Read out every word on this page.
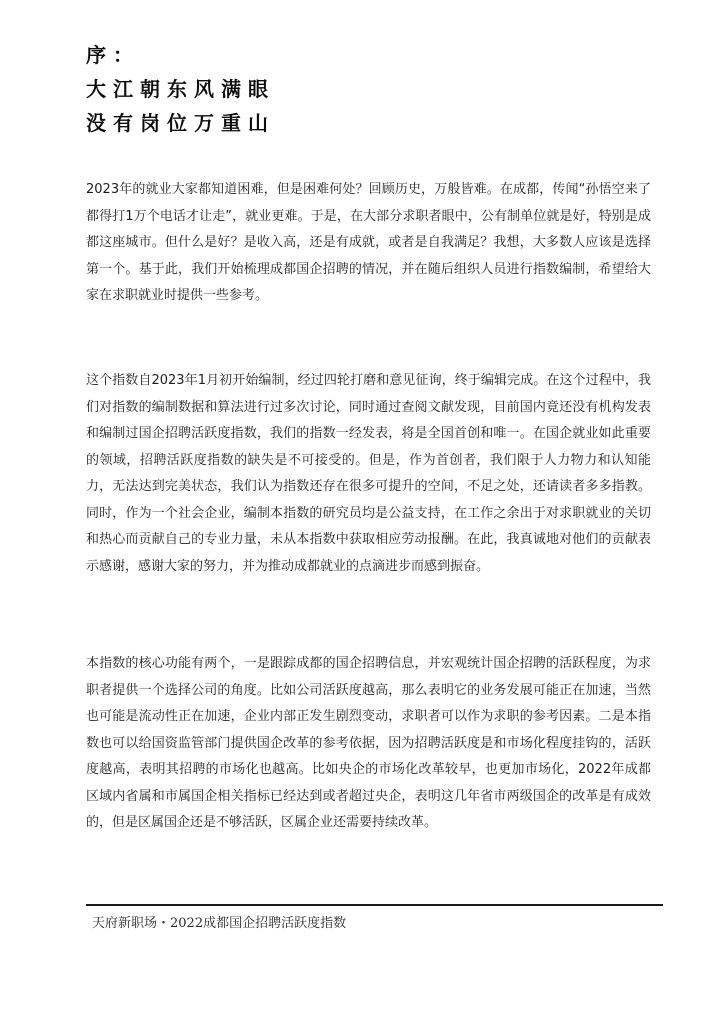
序：
大江朝东风满眼
没有岗位万重山

2023年的就业大家都知道困难，但是困难何处？回顾历史，万般皆难。在成都，传闻“孙悟空来了都得打1万个电话才让走”，就业更难。于是，在大部分求职者眼中，公有制单位就是好，特别是成都这座城市。但什么是好？是收入高，还是有成就，或者是自我满足？我想，大多数人应该是选择第一个。基于此，我们开始梳理成都国企招聘的情况，并在随后组织人员进行指数编制，希望给大家在求职就业时提供一些参考。

这个指数自2023年1月初开始编制，经过四轮打磨和意见征询，终于编辑完成。在这个过程中，我们对指数的编制数据和算法进行过多次讨论，同时通过查阅文献发现，目前国内竟还没有机构发表和编制过国企招聘活跃度指数，我们的指数一经发表，将是全国首创和唯一。在国企就业如此重要的领域，招聘活跃度指数的缺失是不可接受的。但是，作为首创者，我们限于人力物力和认知能力，无法达到完美状态，我们认为指数还存在很多可提升的空间，不足之处，还请读者多多指教。同时，作为一个社会企业，编制本指数的研究员均是公益支持，在工作之余出于对求职就业的关切和热心而贡献自己的专业力量，未从本指数中获取相应劳动报酬。在此，我真诚地对他们的贡献表示感谢，感谢大家的努力，并为推动成都就业的点滴进步而感到振奋。

本指数的核心功能有两个，一是跟踪成都的国企招聘信息，并宏观统计国企招聘的活跃程度，为求职者提供一个选择公司的角度。比如公司活跃度越高，那么表明它的业务发展可能正在加速，当然也可能是流动性正在加速，企业内部正发生剧烈变动，求职者可以作为求职的参考因素。二是本指数也可以给国资监管部门提供国企改革的参考依据，因为招聘活跃度是和市场化程度挂钩的，活跃度越高，表明其招聘的市场化也越高。比如央企的市场化改革较早，也更加市场化，2022年成都区域内省属和市属国企相关指标已经达到或者超过央企，表明这几年省市两级国企的改革是有成效的，但是区属国企还是不够活跃，区属企业还需要持续改革。

天府新职场・2022成都国企招聘活跃度指数
